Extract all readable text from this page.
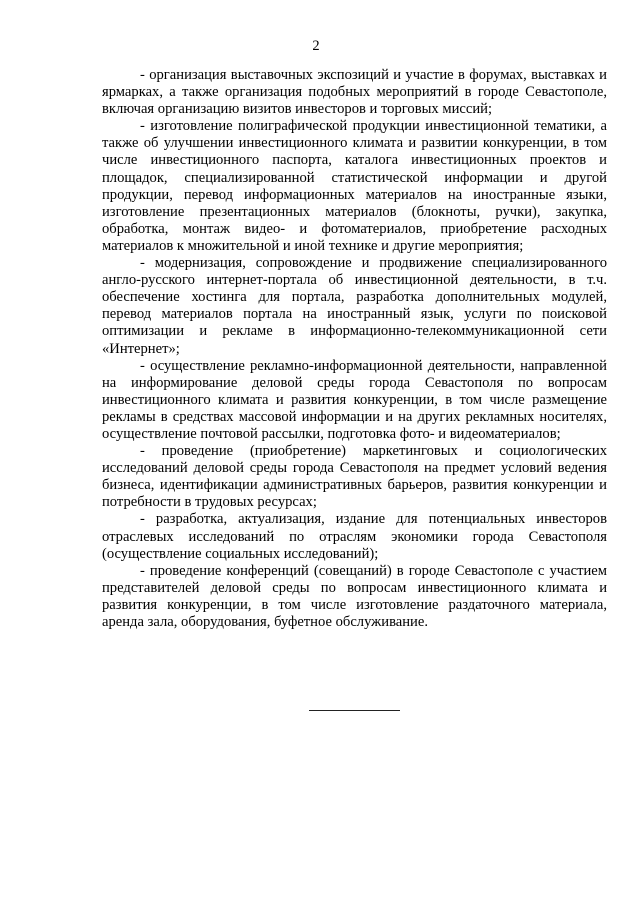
2

- организация выставочных экспозиций и участие в форумах, выставках и ярмарках, а также организация подобных мероприятий в городе Севастополе, включая организацию визитов инвесторов и торговых миссий;

- изготовление полиграфической продукции инвестиционной тематики, а также об улучшении инвестиционного климата и развитии конкуренции, в том числе инвестиционного паспорта, каталога инвестиционных проектов и площадок, специализированной статистической информации и другой продукции, перевод информационных материалов на иностранные языки, изготовление презентационных материалов (блокноты, ручки), закупка, обработка, монтаж видео- и фотоматериалов, приобретение расходных материалов к множительной и иной технике и другие мероприятия;

- модернизация, сопровождение и продвижение специализированного англо-русского интернет-портала об инвестиционной деятельности, в т.ч. обеспечение хостинга для портала, разработка дополнительных модулей, перевод материалов портала на иностранный язык, услуги по поисковой оптимизации и рекламе в информационно-телекоммуникационной сети «Интернет»;

- осуществление рекламно-информационной деятельности, направленной на информирование деловой среды города Севастополя по вопросам инвестиционного климата и развития конкуренции, в том числе размещение рекламы в средствах массовой информации и на других рекламных носителях, осуществление почтовой рассылки, подготовка фото- и видеоматериалов;

- проведение (приобретение) маркетинговых и социологических исследований деловой среды города Севастополя на предмет условий ведения бизнеса, идентификации административных барьеров, развития конкуренции и потребности в трудовых ресурсах;

- разработка, актуализация, издание для потенциальных инвесторов отраслевых исследований по отраслям экономики города Севастополя (осуществление социальных исследований);

- проведение конференций (совещаний) в городе Севастополе с участием представителей деловой среды по вопросам инвестиционного климата и развития конкуренции, в том числе изготовление раздаточного материала, аренда зала, оборудования, буфетное обслуживание.
